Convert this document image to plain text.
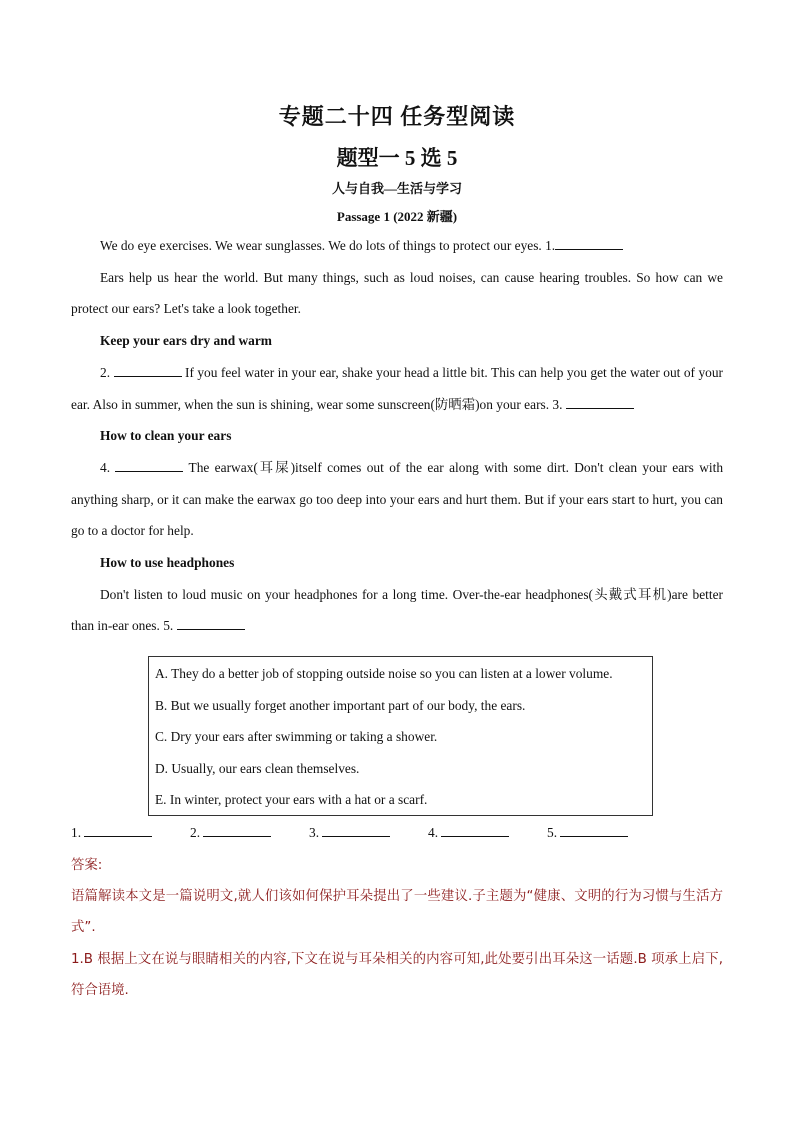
专题二十四 任务型阅读
题型一 5 选 5
人与自我—生活与学习
Passage 1 (2022 新疆)

We do eye exercises. We wear sunglasses. We do lots of things to protect our eyes. 1.

Ears help us hear the world. But many things, such as loud noises, can cause hearing troubles. So how can we protect our ears? Let's take a look together.

Keep your ears dry and warm

2.	If you feel water in your ear, shake your head a little bit. This can help you get the water out of your ear. Also in summer, when the sun is shining, wear some sunscreen(防晒霜)on your ears. 3.

How to clean your ears

4.	The earwax(耳屎)itself comes out of the ear along with some dirt. Don't clean your ears with anything sharp, or it can make the earwax go too deep into your ears and hurt them. But if your ears start to hurt, you can go to a doctor for help.

How to use headphones

Don't listen to loud music on your headphones for a long time. Over-the-ear headphones(头戴式耳机)are better than in-ear ones. 5.

A. They do a better job of stopping outside noise so you can listen at a lower volume.

B. But we usually forget another important part of our body, the ears.

C. Dry your ears after swimming or taking a shower.

D. Usually, our ears clean themselves.

E. In winter, protect your ears with a hat or a scarf.

1.	2.	3.	4.	5.

答案:

语篇解读本文是一篇说明文,就人们该如何保护耳朵提出了一些建议.子主题为“健康、文明的行为习惯与生活方式”.

1.B 根据上文在说与眼睛相关的内容,下文在说与耳朵相关的内容可知,此处要引出耳朵这一话题.B 项承上启下,符合语境.
